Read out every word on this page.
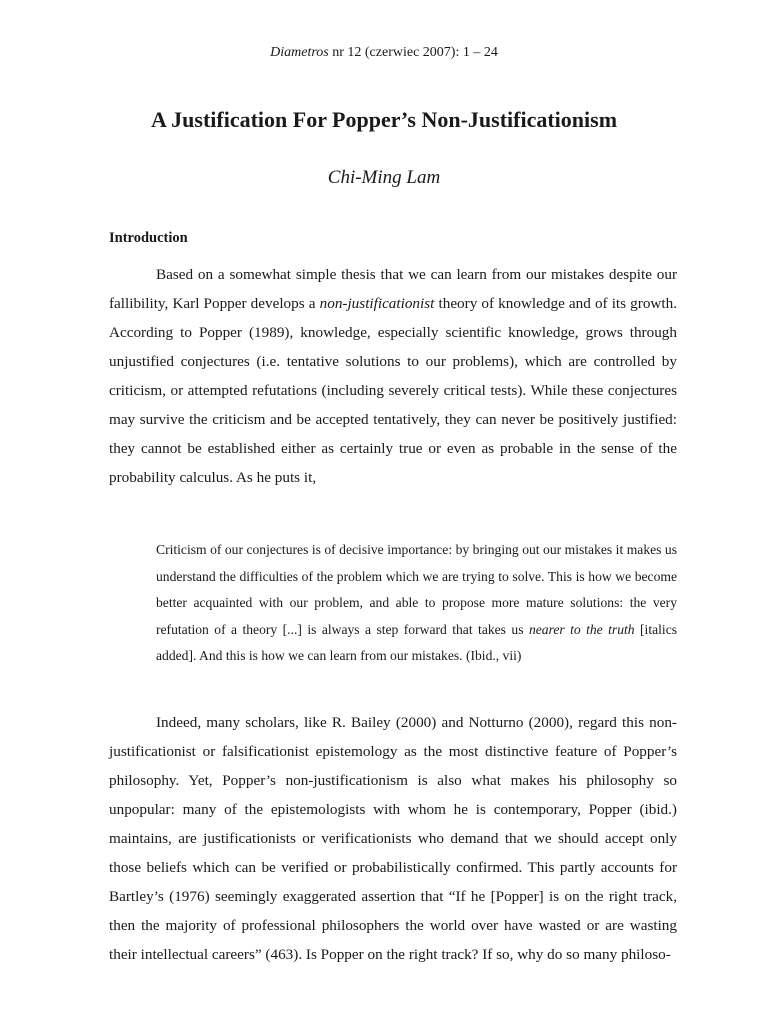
Diametros nr 12 (czerwiec 2007): 1 – 24
A Justification For Popper’s Non-Justificationism
Chi-Ming Lam
Introduction

Based on a somewhat simple thesis that we can learn from our mistakes despite our fallibility, Karl Popper develops a non-justificationist theory of knowledge and of its growth. According to Popper (1989), knowledge, especially scientific knowledge, grows through unjustified conjectures (i.e. tentative solutions to our problems), which are controlled by criticism, or attempted refutations (including severely critical tests). While these conjectures may survive the criticism and be accepted tentatively, they can never be positively justified: they cannot be established either as certainly true or even as probable in the sense of the probability calculus. As he puts it,

Criticism of our conjectures is of decisive importance: by bringing out our mistakes it makes us understand the difficulties of the problem which we are trying to solve. This is how we become better acquainted with our problem, and able to propose more mature solutions: the very refutation of a theory [...] is always a step forward that takes us nearer to the truth [italics added]. And this is how we can learn from our mistakes. (Ibid., vii)

Indeed, many scholars, like R. Bailey (2000) and Notturno (2000), regard this non-justificationist or falsificationist epistemology as the most distinctive feature of Popper’s philosophy. Yet, Popper’s non-justificationism is also what makes his philosophy so unpopular: many of the epistemologists with whom he is contemporary, Popper (ibid.) maintains, are justificationists or verificationists who demand that we should accept only those beliefs which can be verified or probabilistically confirmed. This partly accounts for Bartley’s (1976) seemingly exaggerated assertion that “If he [Popper] is on the right track, then the majority of professional philosophers the world over have wasted or are wasting their intellectual careers” (463). Is Popper on the right track? If so, why do so many philoso-
